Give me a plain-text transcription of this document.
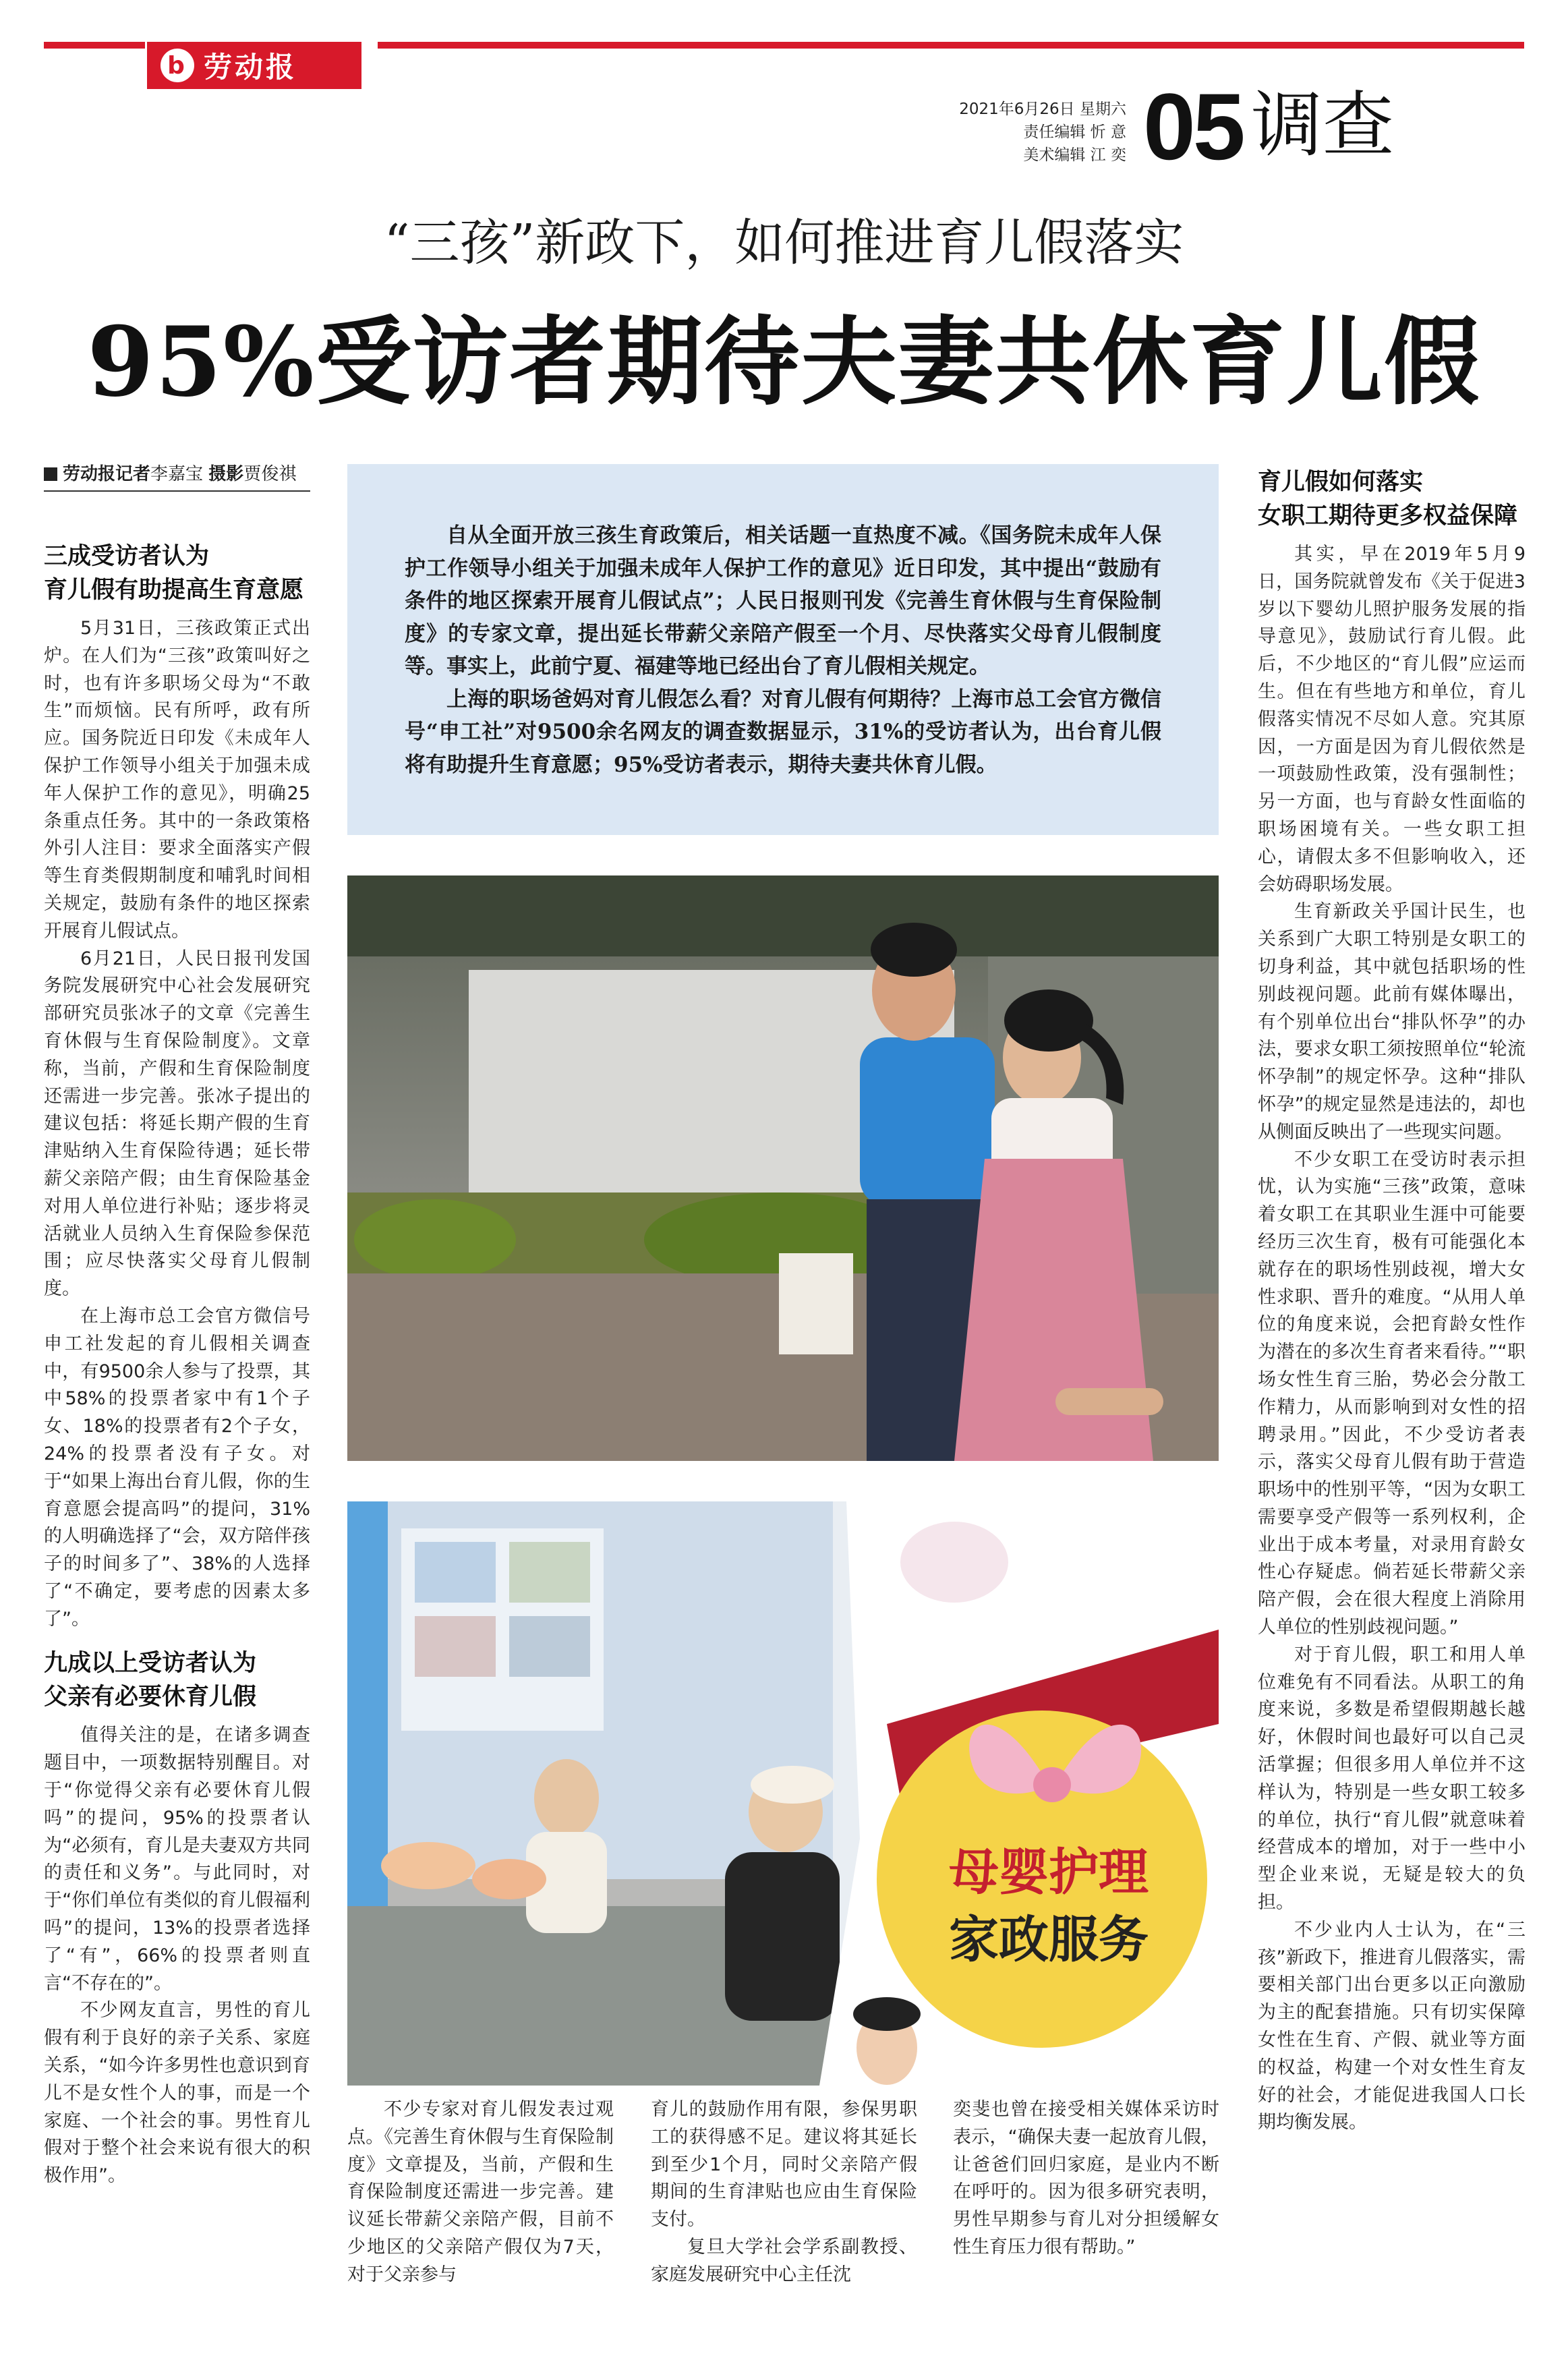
b 劳动报
2021年6月26日 星期六
责任编辑 忻 意
美术编辑 江 奕 05 调查
“三孩”新政下，如何推进育儿假落实
95%受访者期待夫妻共休育儿假
劳动报记者李嘉宝 摄影贾俊祺
三成受访者认为
育儿假有助提高生育意愿

5月31日，三孩政策正式出炉。在人们为“三孩”政策叫好之时，也有许多职场父母为“不敢生”而烦恼。民有所呼，政有所应。国务院近日印发《未成年人保护工作领导小组关于加强未成年人保护工作的意见》，明确25条重点任务。其中的一条政策格外引人注目：要求全面落实产假等生育类假期制度和哺乳时间相关规定，鼓励有条件的地区探索开展育儿假试点。

6月21日，人民日报刊发国务院发展研究中心社会发展研究部研究员张冰子的文章《完善生育休假与生育保险制度》。文章称，当前，产假和生育保险制度还需进一步完善。张冰子提出的建议包括：将延长期产假的生育津贴纳入生育保险待遇；延长带薪父亲陪产假；由生育保险基金对用人单位进行补贴；逐步将灵活就业人员纳入生育保险参保范围；应尽快落实父母育儿假制度。

在上海市总工会官方微信号申工社发起的育儿假相关调查中，有9500余人参与了投票，其中58%的投票者家中有1个子女、18%的投票者有2个子女，24%的投票者没有子女。对于“如果上海出台育儿假，你的生育意愿会提高吗”的提问，31%的人明确选择了“会，双方陪伴孩子的时间多了”、38%的人选择了“不确定，要考虑的因素太多了”。

九成以上受访者认为
父亲有必要休育儿假

值得关注的是，在诸多调查题目中，一项数据特别醒目。对于“你觉得父亲有必要休育儿假吗”的提问，95%的投票者认为“必须有，育儿是夫妻双方共同的责任和义务”。与此同时，对于“你们单位有类似的育儿假福利吗”的提问，13%的投票者选择了“有”，66%的投票者则直言“不存在的”。

不少网友直言，男性的育儿假有利于良好的亲子关系、家庭关系，“如今许多男性也意识到育儿不是女性个人的事，而是一个家庭、一个社会的事。男性育儿假对于整个社会来说有很大的积极作用”。

自从全面开放三孩生育政策后，相关话题一直热度不减。《国务院未成年人保护工作领导小组关于加强未成年人保护工作的意见》近日印发，其中提出“鼓励有条件的地区探索开展育儿假试点”；人民日报则刊发《完善生育休假与生育保险制度》的专家文章，提出延长带薪父亲陪产假至一个月、尽快落实父母育儿假制度等。事实上，此前宁夏、福建等地已经出台了育儿假相关规定。

上海的职场爸妈对育儿假怎么看？对育儿假有何期待？上海市总工会官方微信号“申工社”对9500余名网友的调查数据显示，31%的受访者认为，出台育儿假将有助提升生育意愿；95%受访者表示，期待夫妻共休育儿假。

母婴护理
家政服务

不少专家对育儿假发表过观点。《完善生育休假与生育保险制度》文章提及，当前，产假和生育保险制度还需进一步完善。建议延长带薪父亲陪产假，目前不少地区的父亲陪产假仅为7天，对于父亲参与

育儿的鼓励作用有限，参保男职工的获得感不足。建议将其延长到至少1个月，同时父亲陪产假期间的生育津贴也应由生育保险支付。

复旦大学社会学系副教授、家庭发展研究中心主任沈

奕斐也曾在接受相关媒体采访时表示，“确保夫妻一起放育儿假，让爸爸们回归家庭，是业内不断在呼吁的。因为很多研究表明，男性早期参与育儿对分担缓解女性生育压力很有帮助。”

育儿假如何落实
女职工期待更多权益保障

其实，早在2019年5月9日，国务院就曾发布《关于促进3岁以下婴幼儿照护服务发展的指导意见》，鼓励试行育儿假。此后，不少地区的“育儿假”应运而生。但在有些地方和单位，育儿假落实情况不尽如人意。究其原因，一方面是因为育儿假依然是一项鼓励性政策，没有强制性；另一方面，也与育龄女性面临的职场困境有关。一些女职工担心，请假太多不但影响收入，还会妨碍职场发展。

生育新政关乎国计民生，也关系到广大职工特别是女职工的切身利益，其中就包括职场的性别歧视问题。此前有媒体曝出，有个别单位出台“排队怀孕”的办法，要求女职工须按照单位“轮流怀孕制”的规定怀孕。这种“排队怀孕”的规定显然是违法的，却也从侧面反映出了一些现实问题。

不少女职工在受访时表示担忧，认为实施“三孩”政策，意味着女职工在其职业生涯中可能要经历三次生育，极有可能强化本就存在的职场性别歧视，增大女性求职、晋升的难度。“从用人单位的角度来说，会把育龄女性作为潜在的多次生育者来看待。”“职场女性生育三胎，势必会分散工作精力，从而影响到对女性的招聘录用。”因此，不少受访者表示，落实父母育儿假有助于营造职场中的性别平等，“因为女职工需要享受产假等一系列权利，企业出于成本考量，对录用育龄女性心存疑虑。倘若延长带薪父亲陪产假，会在很大程度上消除用人单位的性别歧视问题。”

对于育儿假，职工和用人单位难免有不同看法。从职工的角度来说，多数是希望假期越长越好，休假时间也最好可以自己灵活掌握；但很多用人单位并不这样认为，特别是一些女职工较多的单位，执行“育儿假”就意味着经营成本的增加，对于一些中小型企业来说，无疑是较大的负担。

不少业内人士认为，在“三孩”新政下，推进育儿假落实，需要相关部门出台更多以正向激励为主的配套措施。只有切实保障女性在生育、产假、就业等方面的权益，构建一个对女性生育友好的社会，才能促进我国人口长期均衡发展。
